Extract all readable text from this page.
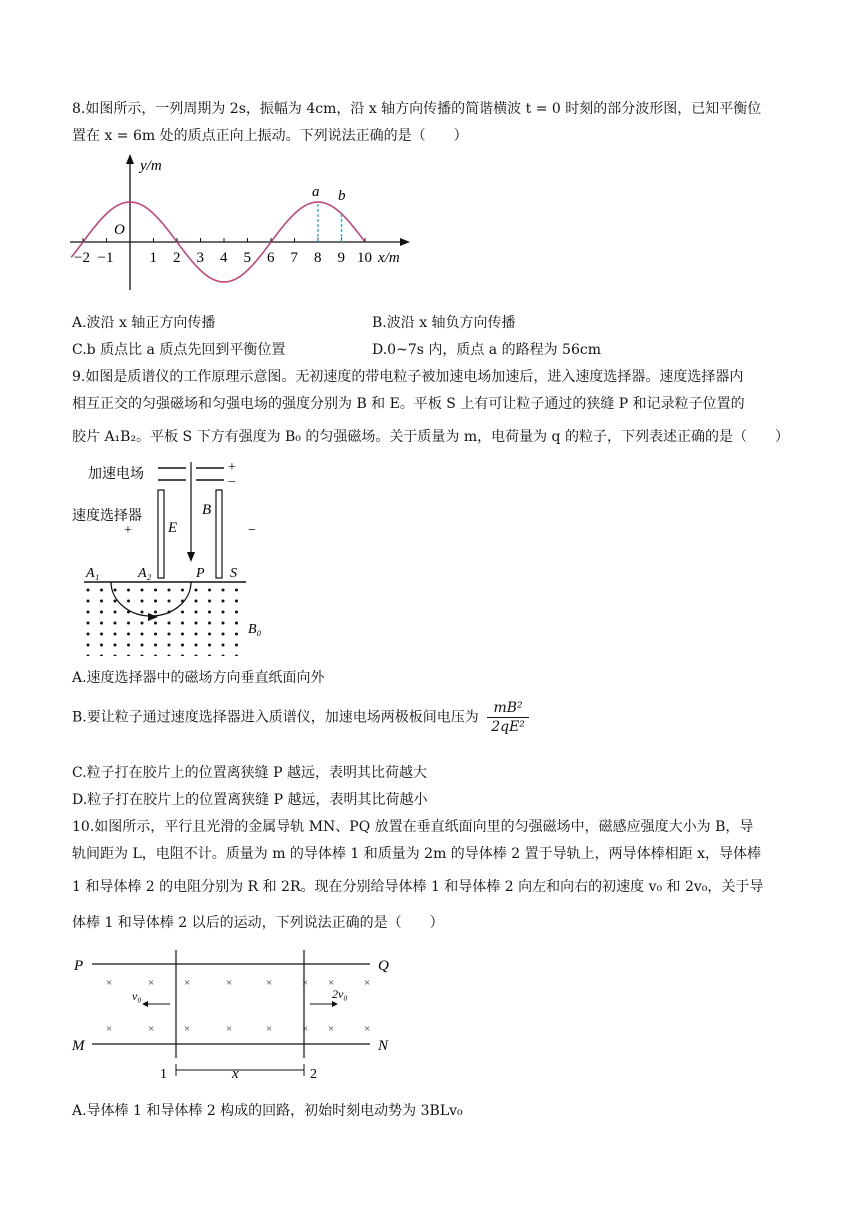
8.如图所示，一列周期为 2s，振幅为 4cm，沿 x 轴方向传播的简谐横波 t = 0 时刻的部分波形图，已知平衡位
置在 x = 6m 处的质点正向上振动。下列说法正确的是（　　）
y/m
x/m
O
a b
−2 −1 1 2 3 4 5 6 7 8 9 10
A.波沿 x 轴正方向传播	B.波沿 x 轴负方向传播
C.b 质点比 a 质点先回到平衡位置	D.0~7s 内，质点 a 的路程为 56cm
9.如图是质谱仪的工作原理示意图。无初速度的带电粒子被加速电场加速后，进入速度选择器。速度选择器内
相互正交的匀强磁场和匀强电场的强度分别为 B 和 E。平板 S 上有可让粒子通过的狭缝 P 和记录粒子位置的
胶片 A₁B₂。平板 S 下方有强度为 B₀ 的匀强磁场。关于质量为 m，电荷量为 q 的粒子，下列表述正确的是（　　）
加速电场	+
−
速度选择器
+	−
E
B
A₁	A₂	P S
B₀
A.速度选择器中的磁场方向垂直纸面向外
B.要让粒子通过速度选择器进入质谱仪，加速电场两极板间电压为 $\frac{\text{mB²}}{\text{2qE²}}$
C.粒子打在胶片上的位置离狭缝 P 越远，表明其比荷越大
D.粒子打在胶片上的位置离狭缝 P 越远，表明其比荷越小
10.如图所示，平行且光滑的金属导轨 MN、PQ 放置在垂直纸面向里的匀强磁场中，磁感应强度大小为 B，导
轨间距为 L，电阻不计。质量为 m 的导体棒 1 和质量为 2m 的导体棒 2 置于导轨上，两导体棒相距 x，导体棒
1 和导体棒 2 的电阻分别为 R 和 2R。现在分别给导体棒 1 和导体棒 2 向左和向右的初速度 v₀ 和 2v₀，关于导
体棒 1 和导体棒 2 以后的运动，下列说法正确的是（　　）
P	Q
M	N
×	×	×	×	×	× ×	×
×	×	×	×	×	× ×	×
v₀	2v₀
x
1	2
A.导体棒 1 和导体棒 2 构成的回路，初始时刻电动势为 3BLv₀
